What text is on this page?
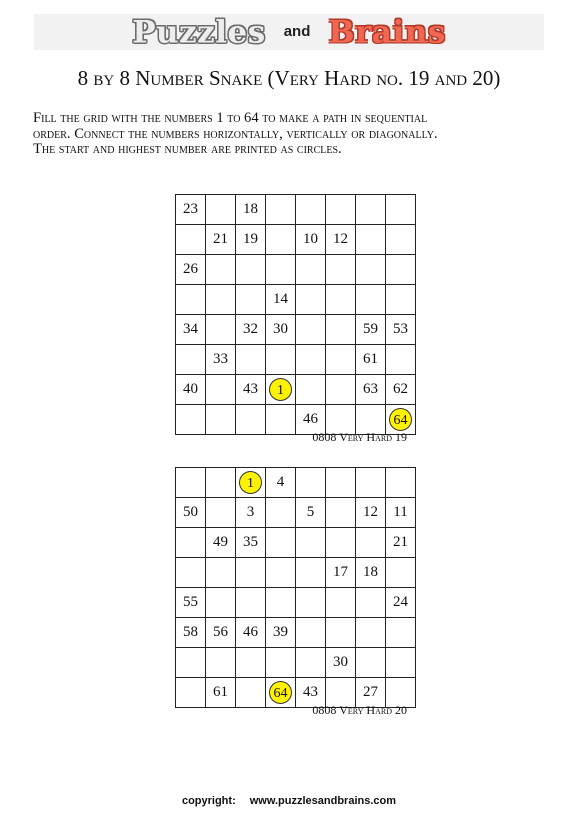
Puzzles and Brains
8 by 8 Number Snake (Very Hard no. 19 and 20)
Fill the grid with the numbers 1 to 64 to make a path in sequential
order. Connect the numbers horizontally, vertically or diagonally.
The start and highest number are printed as circles.
23		18					
	21	19		10	12		
26							
			14				
34		32	30			59	53
	33					61	
40		43	1			63	62
				46			64
0808 Very Hard 19
		1	4				
50		3		5		12	11
	49	35					21
					17	18	
55							24
58	56	46	39				
					30		
	61		64	43		27	
0808 Very Hard 20
copyright: www.puzzlesandbrains.com
